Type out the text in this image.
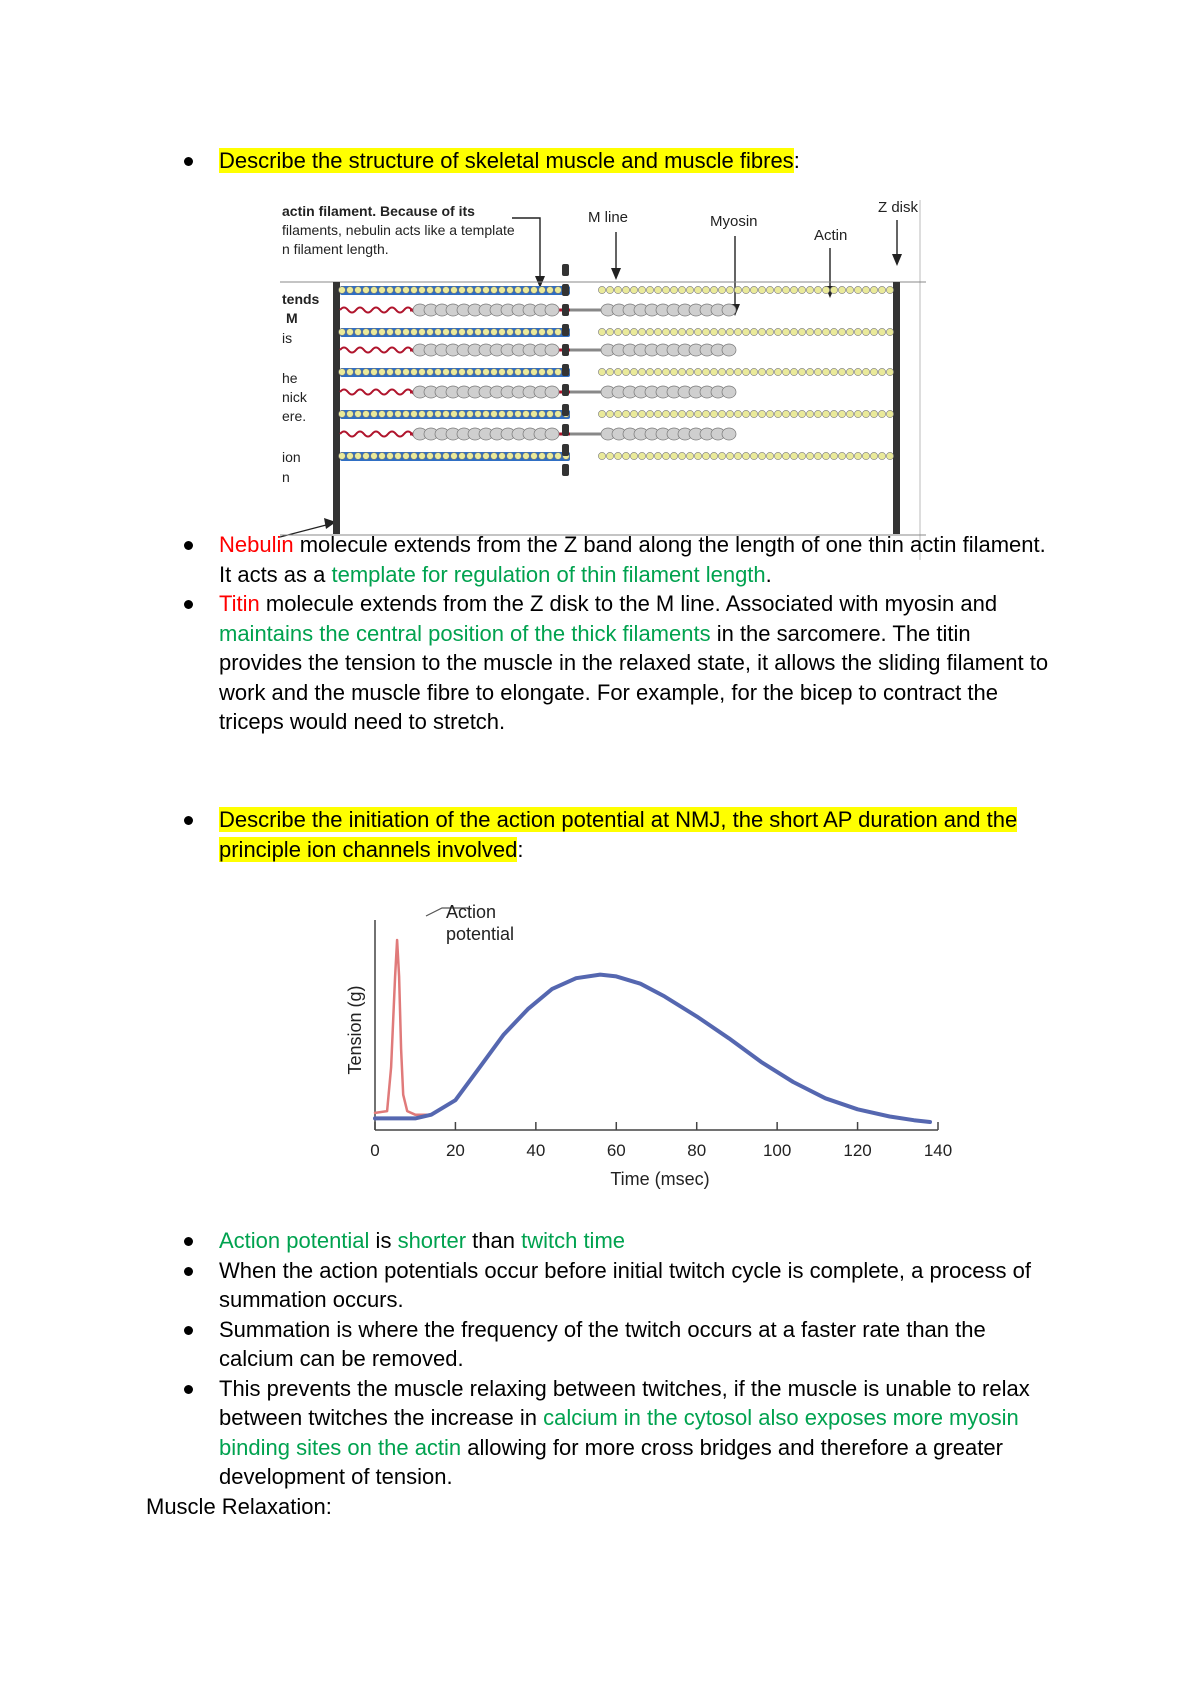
Describe the structure of skeletal muscle and muscle fibres:
actin filament. Because of its
filaments, nebulin acts like a template
n filament length.
M line	Myosin
Actin
Z disk
tends
M
is
he
nick
ere.
ion
n
Nebulin molecule extends from the Z band along the length of one thin actin filament. It acts as a template for regulation of thin filament length.
Titin molecule extends from the Z disk to the M line. Associated with myosin and maintains the central position of the thick filaments in the sarcomere. The titin provides the tension to the muscle in the relaxed state, it allows the sliding filament to work and the muscle fibre to elongate. For example, for the bicep to contract the triceps would need to stretch.
Describe the initiation of the action potential at NMJ, the short AP duration and the principle ion channels involved:
Tension (g)
Time (msec)
0	20	40	60	80	100	120	140
Action
potential
Action potential is shorter than twitch time
When the action potentials occur before initial twitch cycle is complete, a process of summation occurs.
Summation is where the frequency of the twitch occurs at a faster rate than the calcium can be removed.
This prevents the muscle relaxing between twitches, if the muscle is unable to relax between twitches the increase in calcium in the cytosol also exposes more myosin binding sites on the actin allowing for more cross bridges and therefore a greater development of tension.
Muscle Relaxation:
